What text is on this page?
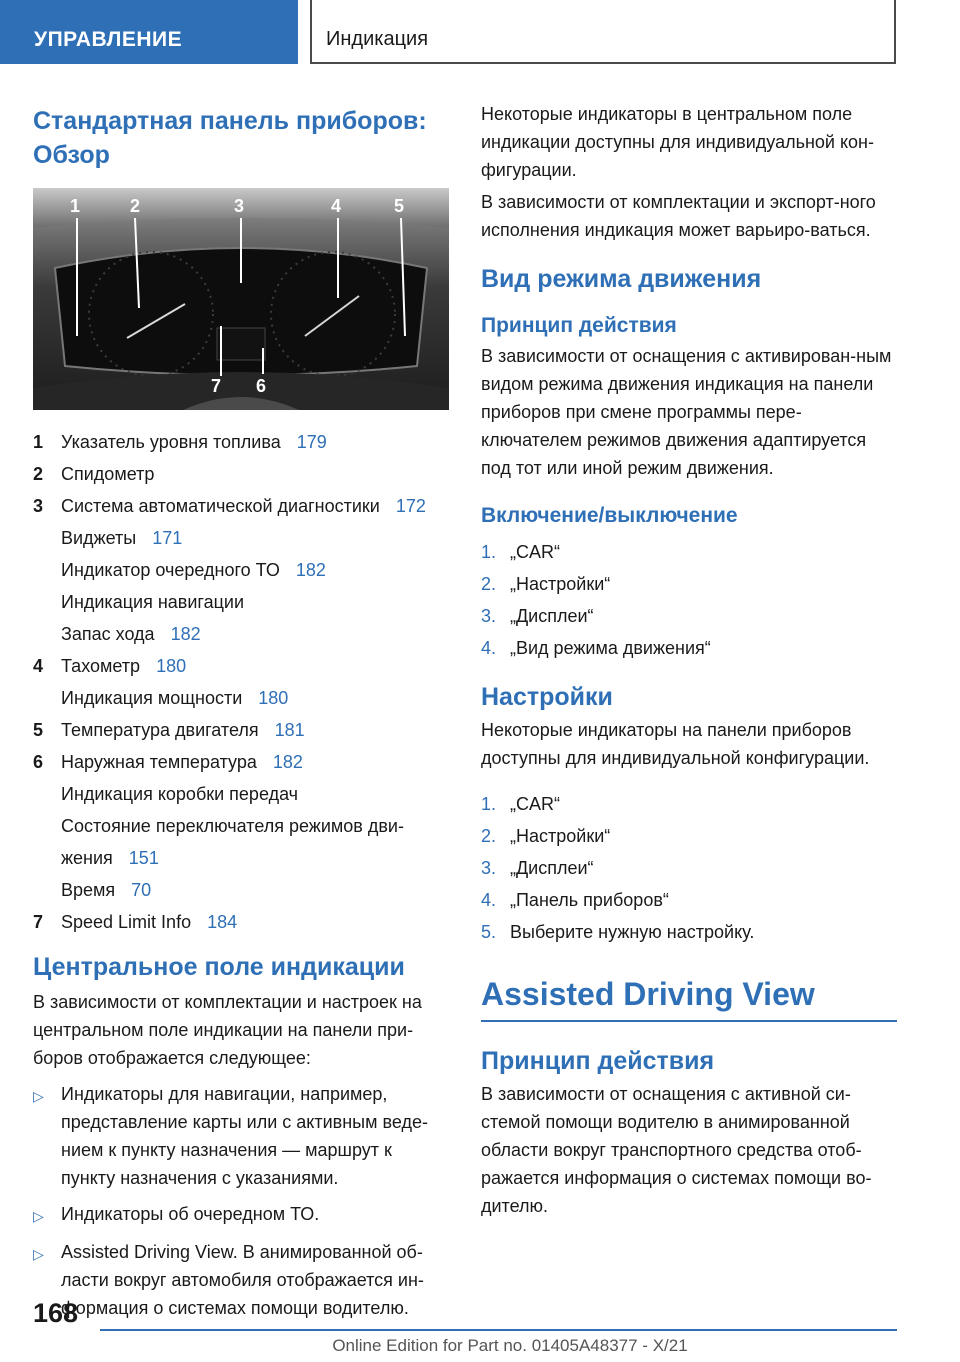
УПРАВЛЕНИЕ	Индикация
Стандартная панель приборов: Обзор
1	2	3	4	5
7 6
1 Указатель уровня топлива 179
2 Спидометр
3 Система автоматической диагностики 172
Виджеты 171
Индикатор очередного ТО 182
Индикация навигации
Запас хода 182
4 Тахометр 180
Индикация мощности 180
5 Температура двигателя 181
6 Наружная температура 182
Индикация коробки передач
Состояние переключателя режимов дви-
жения 151
Время 70
7 Speed Limit Info 184
Центральное поле индикации
В зависимости от комплектации и настроек на центральном поле индикации на панели при-боров отображается следующее:
▷ Индикаторы для навигации, например, представление карты или с активным веде-нием к пункту назначения — маршрут к пункту назначения с указаниями.
▷ Индикаторы об очередном ТО.
▷ Assisted Driving View. В анимированной об-ласти вокруг автомобиля отображается ин-формация о системах помощи водителю.
Некоторые индикаторы в центральном поле индикации доступны для индивидуальной кон-фигурации.
В зависимости от комплектации и экспорт-ного исполнения индикация может варьиро-ваться.
Вид режима движения
Принцип действия
В зависимости от оснащения с активирован-ным видом режима движения индикация на панели приборов при смене программы пере-ключателем режимов движения адаптируется под тот или иной режим движения.
Включение/выключение
1. „CAR“
2. „Настройки“
3. „Дисплеи“
4. „Вид режима движения“
Настройки
Некоторые индикаторы на панели приборов доступны для индивидуальной конфигурации.
1. „CAR“
2. „Настройки“
3. „Дисплеи“
4. „Панель приборов“
5. Выберите нужную настройку.
Assisted Driving View
Принцип действия
В зависимости от оснащения с активной си-стемой помощи водителю в анимированной области вокруг транспортного средства отоб-ражается информация о системах помощи во-дителю.
168
Online Edition for Part no. 01405A48377 - X/21
